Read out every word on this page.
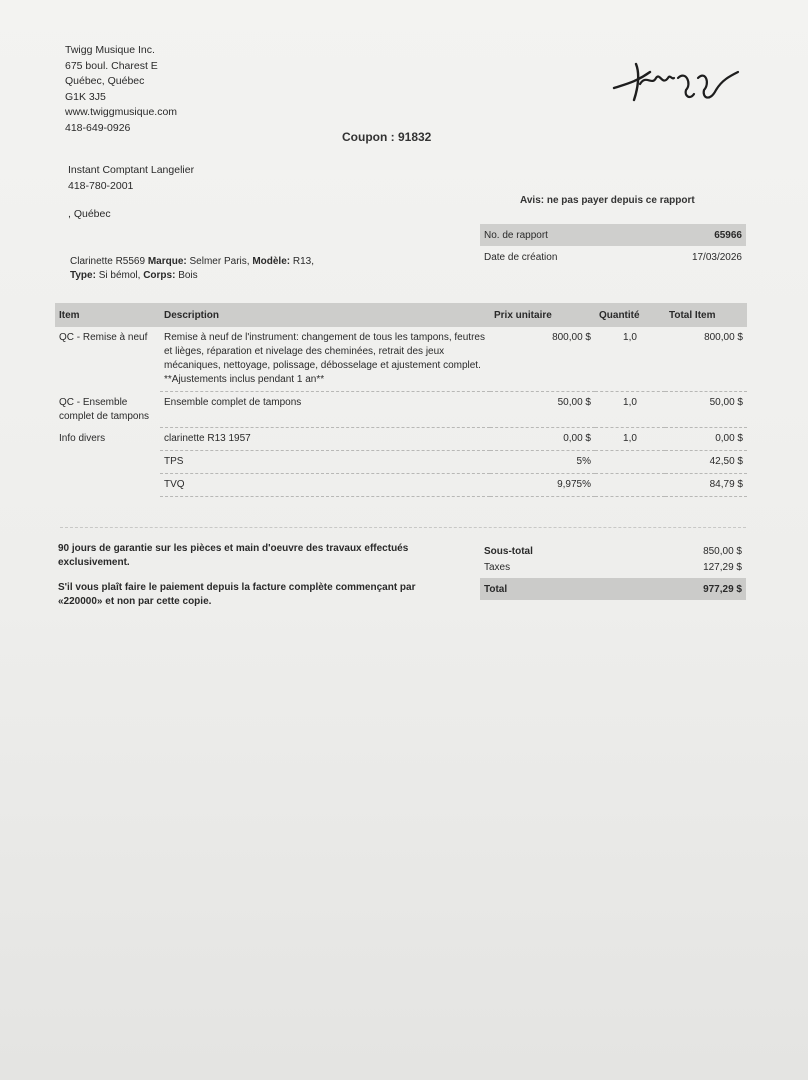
Twigg Musique Inc.
675 boul. Charest E
Québec, Québec
G1K 3J5
www.twiggmusique.com
418-649-0926
Coupon : 91832
Instant Comptant Langelier
418-780-2001
, Québec
Avis: ne pas payer depuis ce rapport
No. de rapport	65966
Date de création	17/03/2026
Clarinette R5569 Marque: Selmer Paris, Modèle: R13,
Type: Si bémol, Corps: Bois
Item	Description	Prix unitaire	Quantité	Total Item
QC - Remise à neuf	Remise à neuf de l'instrument: changement de tous les tampons, feutres et lièges, réparation et nivelage des cheminées, retrait des jeux mécaniques, nettoyage, polissage, débosselage et ajustement complet.
**Ajustements inclus pendant 1 an**	800,00 $	1,0	800,00 $
QC - Ensemble complet de tampons	Ensemble complet de tampons	50,00 $	1,0	50,00 $
Info divers	clarinette R13 1957	0,00 $	1,0	0,00 $
	TPS	5%		42,50 $
	TVQ	9,975%		84,79 $
90 jours de garantie sur les pièces et main d'oeuvre des travaux effectués exclusivement.
S'il vous plaît faire le paiement depuis la facture complète commençant par «220000» et non par cette copie.
Sous-total	850,00 $
Taxes	127,29 $
Total	977,29 $
